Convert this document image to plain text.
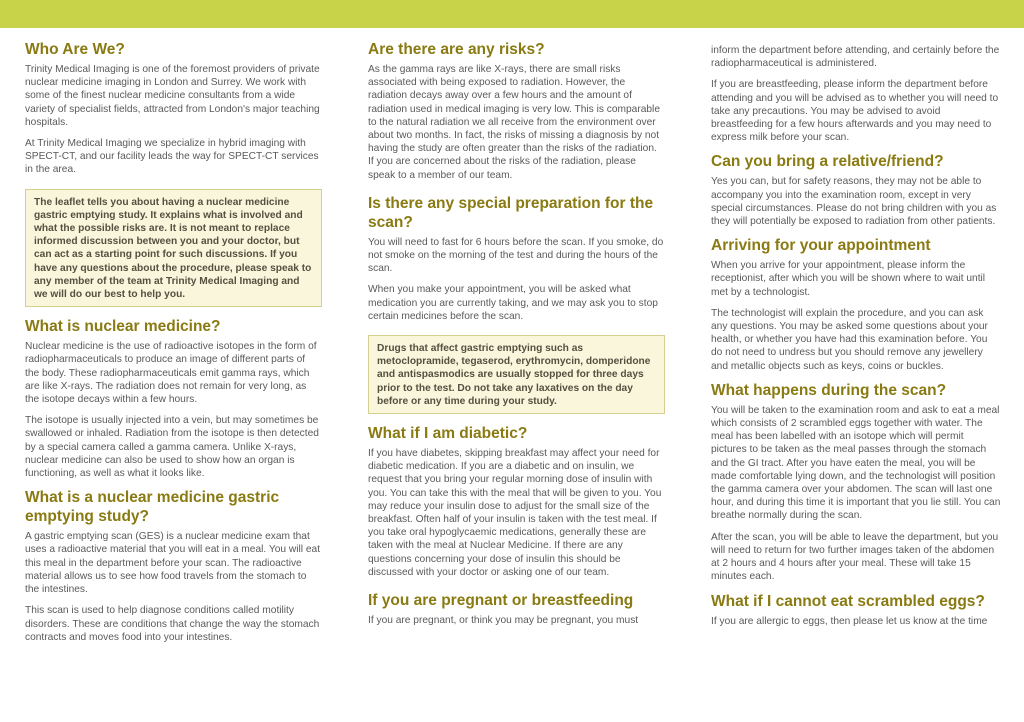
Who Are We?

Trinity Medical Imaging is one of the foremost providers of private nuclear medicine imaging in London and Surrey. We work with some of the finest nuclear medicine consultants from a wide variety of specialist fields, attracted from London's major teaching hospitals.

At Trinity Medical Imaging we specialize in hybrid imaging with SPECT-CT, and our facility leads the way for SPECT-CT services in the area.

The leaflet tells you about having a nuclear medicine gastric emptying study. It explains what is involved and what the possible risks are. It is not meant to replace informed discussion between you and your doctor, but can act as a starting point for such discussions. If you have any questions about the procedure, please speak to any member of the team at Trinity Medical Imaging and we will do our best to help you.

What is nuclear medicine?

Nuclear medicine is the use of radioactive isotopes in the form of radiopharmaceuticals to produce an image of different parts of the body. These radiopharmaceuticals emit gamma rays, which are like X-rays. The radiation does not remain for very long, as the isotope decays within a few hours.

The isotope is usually injected into a vein, but may sometimes be swallowed or inhaled. Radiation from the isotope is then detected by a special camera called a gamma camera. Unlike X-rays, nuclear medicine can also be used to show how an organ is functioning, as well as what it looks like.

What is a nuclear medicine gastric emptying study?

A gastric emptying scan (GES) is a nuclear medicine exam that uses a radioactive material that you will eat in a meal. You will eat this meal in the department before your scan. The radioactive material allows us to see how food travels from the stomach to the intestines.

This scan is used to help diagnose conditions called motility disorders. These are conditions that change the way the stomach contracts and moves food into your intestines.

Are there are any risks?

As the gamma rays are like X-rays, there are small risks associated with being exposed to radiation. However, the radiation decays away over a few hours and the amount of radiation used in medical imaging is very low. This is comparable to the natural radiation we all receive from the environment over about two months. In fact, the risks of missing a diagnosis by not having the study are often greater than the risks of the radiation. If you are concerned about the risks of the radiation, please speak to a member of our team.

Is there any special preparation for the scan?

You will need to fast for 6 hours before the scan. If you smoke, do not smoke on the morning of the test and during the hours of the scan.

When you make your appointment, you will be asked what medication you are currently taking, and we may ask you to stop certain medicines before the scan.

Drugs that affect gastric emptying such as metoclopramide, tegaserod, erythromycin, domperidone and antispasmodics are usually stopped for three days prior to the test. Do not take any laxatives on the day before or any time during your study.

What if I am diabetic?

If you have diabetes, skipping breakfast may affect your need for diabetic medication. If you are a diabetic and on insulin, we request that you bring your regular morning dose of insulin with you. You can take this with the meal that will be given to you. You may reduce your insulin dose to adjust for the small size of the breakfast. Often half of your insulin is taken with the test meal. If you take oral hypoglycaemic medications, generally these are taken with the meal at Nuclear Medicine. If there are any questions concerning your dose of insulin this should be discussed with your doctor or asking one of our team.

If you are pregnant or breastfeeding

If you are pregnant, or think you may be pregnant, you must

inform the department before attending, and certainly before the radiopharmaceutical is administered.

If you are breastfeeding, please inform the department before attending and you will be advised as to whether you will need to take any precautions. You may be advised to avoid breastfeeding for a few hours afterwards and you may need to express milk before your scan.

Can you bring a relative/friend?

Yes you can, but for safety reasons, they may not be able to accompany you into the examination room, except in very special circumstances. Please do not bring children with you as they will potentially be exposed to radiation from other patients.

Arriving for your appointment

When you arrive for your appointment, please inform the receptionist, after which you will be shown where to wait until met by a technologist.

The technologist will explain the procedure, and you can ask any questions. You may be asked some questions about your health, or whether you have had this examination before. You do not need to undress but you should remove any jewellery and metallic objects such as keys, coins or buckles.

What happens during the scan?

You will be taken to the examination room and ask to eat a meal which consists of 2 scrambled eggs together with water. The meal has been labelled with an isotope which will permit pictures to be taken as the meal passes through the stomach and the GI tract. After you have eaten the meal, you will be made comfortable lying down, and the technologist will position the gamma camera over your abdomen. The scan will last one hour, and during this time it is important that you lie still. You can breathe normally during the scan.

After the scan, you will be able to leave the department, but you will need to return for two further images taken of the abdomen at 2 hours and 4 hours after your meal. These will take 15 minutes each.

What if I cannot eat scrambled eggs?

If you are allergic to eggs, then please let us know at the time
